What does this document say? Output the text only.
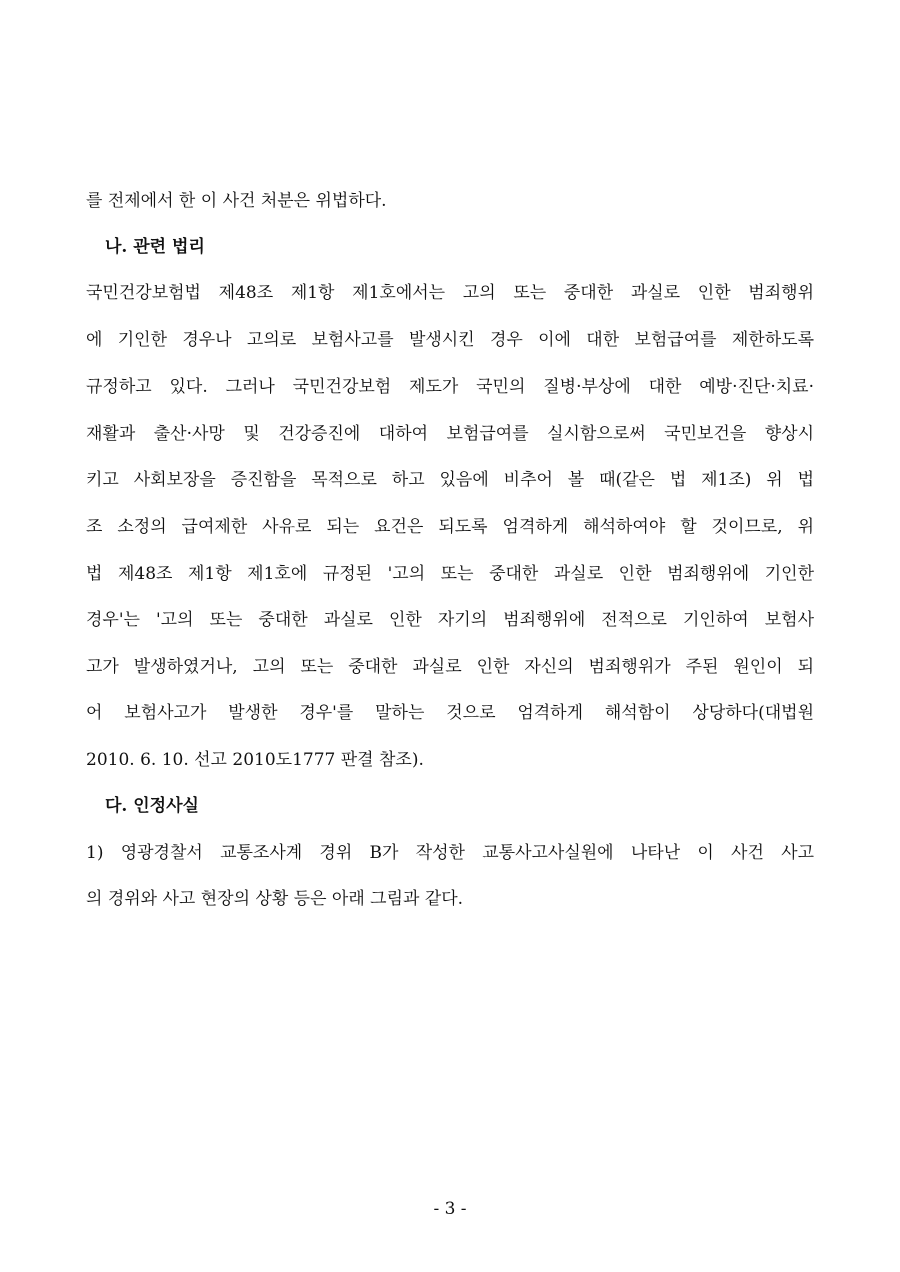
를 전제에서 한 이 사건 처분은 위법하다.
나. 관련 법리
국민건강보험법 제48조 제1항 제1호에서는 고의 또는 중대한 과실로 인한 범죄행위
에 기인한 경우나 고의로 보험사고를 발생시킨 경우 이에 대한 보험급여를 제한하도록
규정하고 있다. 그러나 국민건강보험 제도가 국민의 질병·부상에 대한 예방·진단·치료·
재활과 출산·사망 및 건강증진에 대하여 보험급여를 실시함으로써 국민보건을 향상시
키고 사회보장을 증진함을 목적으로 하고 있음에 비추어 볼 때(같은 법 제1조) 위 법
조 소정의 급여제한 사유로 되는 요건은 되도록 엄격하게 해석하여야 할 것이므로, 위
법 제48조 제1항 제1호에 규정된 '고의 또는 중대한 과실로 인한 범죄행위에 기인한
경우'는 '고의 또는 중대한 과실로 인한 자기의 범죄행위에 전적으로 기인하여 보험사
고가 발생하였거나, 고의 또는 중대한 과실로 인한 자신의 범죄행위가 주된 원인이 되
어 보험사고가 발생한 경우'를 말하는 것으로 엄격하게 해석함이 상당하다(대법원
2010. 6. 10. 선고 2010도1777 판결 참조).
다. 인정사실
1) 영광경찰서 교통조사계 경위 B가 작성한 교통사고사실원에 나타난 이 사건 사고
의 경위와 사고 현장의 상황 등은 아래 그림과 같다.
- 3 -
